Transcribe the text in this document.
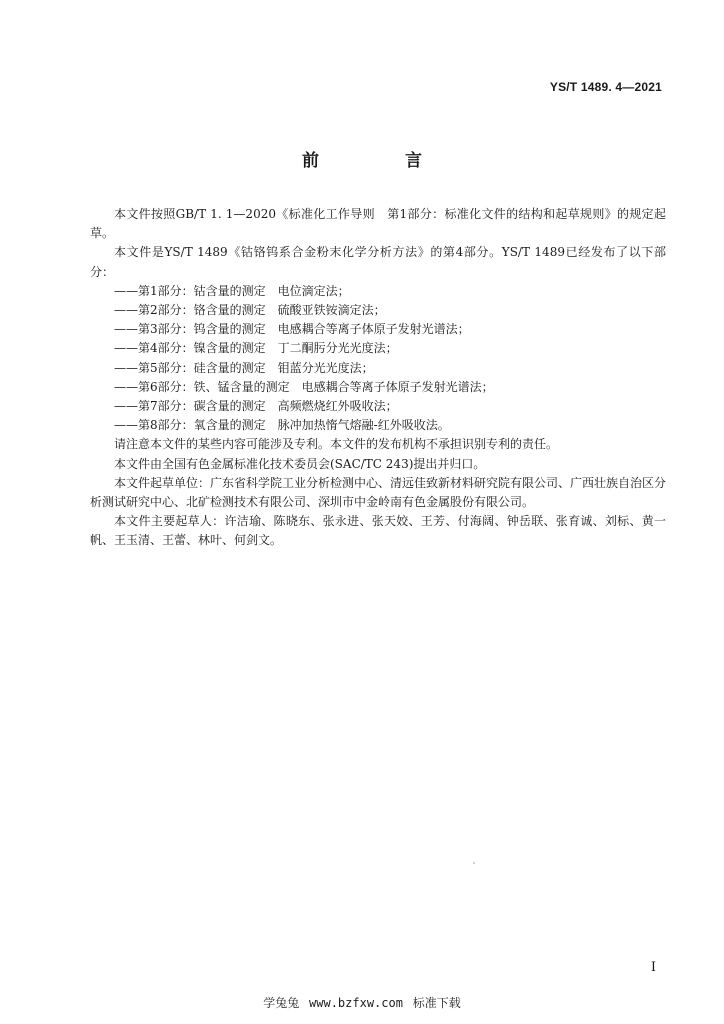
YS/T 1489. 4—2021
前 言

本文件按照GB/T 1. 1—2020《标准化工作导则　第1部分：标准化文件的结构和起草规则》的规定起草。

本文件是YS/T 1489《钴铬钨系合金粉末化学分析方法》的第4部分。YS/T 1489已经发布了以下部分：

——第1部分：钴含量的测定 电位滴定法；
——第2部分：铬含量的测定 硫酸亚铁铵滴定法；
——第3部分：钨含量的测定 电感耦合等离子体原子发射光谱法；
——第4部分：镍含量的测定 丁二酮肟分光光度法；
——第5部分：硅含量的测定 钼蓝分光光度法；
——第6部分：铁、锰含量的测定 电感耦合等离子体原子发射光谱法；
——第7部分：碳含量的测定 高频燃烧红外吸收法；
——第8部分：氧含量的测定 脉冲加热惰气熔融-红外吸收法。

请注意本文件的某些内容可能涉及专利。本文件的发布机构不承担识别专利的责任。

本文件由全国有色金属标准化技术委员会(SAC/TC 243)提出并归口。

本文件起草单位：广东省科学院工业分析检测中心、清远佳致新材料研究院有限公司、广西壮族自治区分析测试研究中心、北矿检测技术有限公司、深圳市中金岭南有色金属股份有限公司。

本文件主要起草人：许洁瑜、陈晓东、张永进、张天姣、王芳、付海阔、钟岳联、张育诚、刘标、黄一帆、王玉清、王蕾、林叶、何剑文。

I
学兔兔 www.bzfxw.com 标准下载
